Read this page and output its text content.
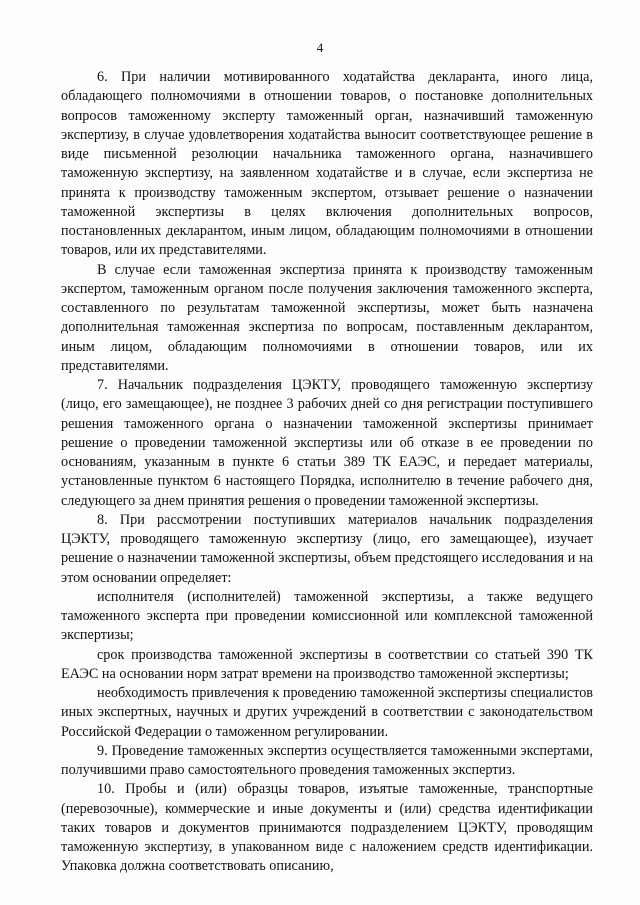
4

6. При наличии мотивированного ходатайства декларанта, иного лица, обладающего полномочиями в отношении товаров, о постановке дополнительных вопросов таможенному эксперту таможенный орган, назначивший таможенную экспертизу, в случае удовлетворения ходатайства выносит соответствующее решение в виде письменной резолюции начальника таможенного органа, назначившего таможенную экспертизу, на заявленном ходатайстве и в случае, если экспертиза не принята к производству таможенным экспертом, отзывает решение о назначении таможенной экспертизы в целях включения дополнительных вопросов, постановленных декларантом, иным лицом, обладающим полномочиями в отношении товаров, или их представителями.

В случае если таможенная экспертиза принята к производству таможенным экспертом, таможенным органом после получения заключения таможенного эксперта, составленного по результатам таможенной экспертизы, может быть назначена дополнительная таможенная экспертиза по вопросам, поставленным декларантом, иным лицом, обладающим полномочиями в отношении товаров, или их представителями.

7. Начальник подразделения ЦЭКТУ, проводящего таможенную экспертизу (лицо, его замещающее), не позднее 3 рабочих дней со дня регистрации поступившего решения таможенного органа о назначении таможенной экспертизы принимает решение о проведении таможенной экспертизы или об отказе в ее проведении по основаниям, указанным в пункте 6 статьи 389 ТК ЕАЭС, и передает материалы, установленные пунктом 6 настоящего Порядка, исполнителю в течение рабочего дня, следующего за днем принятия решения о проведении таможенной экспертизы.

8. При рассмотрении поступивших материалов начальник подразделения ЦЭКТУ, проводящего таможенную экспертизу (лицо, его замещающее), изучает решение о назначении таможенной экспертизы, объем предстоящего исследования и на этом основании определяет:

исполнителя (исполнителей) таможенной экспертизы, а также ведущего таможенного эксперта при проведении комиссионной или комплексной таможенной экспертизы;

срок производства таможенной экспертизы в соответствии со статьей 390 ТК ЕАЭС на основании норм затрат времени на производство таможенной экспертизы;

необходимость привлечения к проведению таможенной экспертизы специалистов иных экспертных, научных и других учреждений в соответствии с законодательством Российской Федерации о таможенном регулировании.

9. Проведение таможенных экспертиз осуществляется таможенными экспертами, получившими право самостоятельного проведения таможенных экспертиз.

10. Пробы и (или) образцы товаров, изъятые таможенные, транспортные (перевозочные), коммерческие и иные документы и (или) средства идентификации таких товаров и документов принимаются подразделением ЦЭКТУ, проводящим таможенную экспертизу, в упакованном виде с наложением средств идентификации. Упаковка должна соответствовать описанию,
